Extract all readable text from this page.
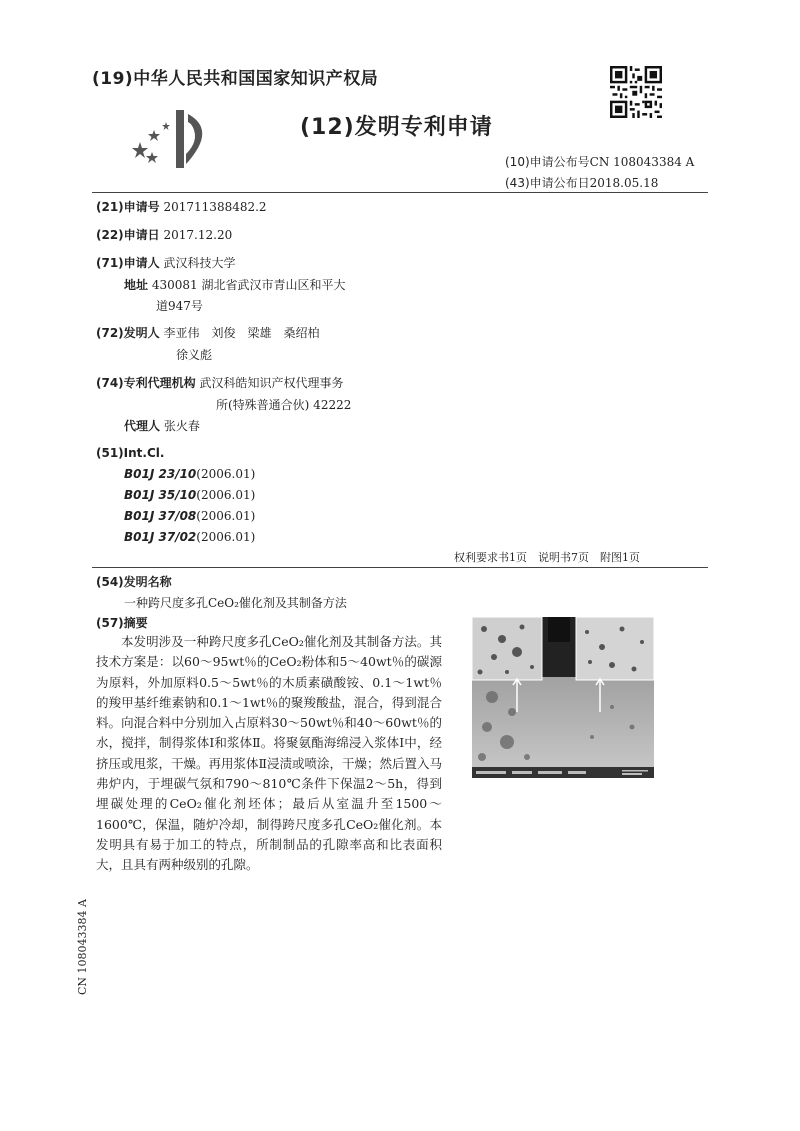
(19)中华人民共和国国家知识产权局
(12)发明专利申请
(10)申请公布号CN 108043384 A
(43)申请公布日2018.05.18
(21)申请号 201711388482.2
(22)申请日 2017.12.20
(71)申请人 武汉科技大学
地址 430081 湖北省武汉市青山区和平大
道947号
(72)发明人 李亚伟　刘俊　梁雄　桑绍柏
徐义彪
(74)专利代理机构 武汉科皓知识产权代理事务
所(特殊普通合伙) 42222
代理人 张火春
(51)Int.Cl.
B01J 23/10(2006.01)
B01J 35/10(2006.01)
B01J 37/08(2006.01)
B01J 37/02(2006.01)
权利要求书1页　说明书7页　附图1页
(54)发明名称
一种跨尺度多孔CeO₂催化剂及其制备方法
(57)摘要
本发明涉及一种跨尺度多孔CeO₂催化剂及其制备方法。其技术方案是：以60～95wt％的CeO₂粉体和5～40wt％的碳源为原料，外加原料0.5～5wt％的木质素磺酸铵、0.1～1wt％的羧甲基纤维素钠和0.1～1wt％的聚羧酸盐，混合，得到混合料。向混合料中分别加入占原料30～50wt％和40～60wt％的水，搅拌，制得浆体Ⅰ和浆体Ⅱ。将聚氨酯海绵浸入浆体Ⅰ中，经挤压或甩浆，干燥。再用浆体Ⅱ浸渍或喷涂，干燥；然后置入马弗炉内，于埋碳气氛和790～810℃条件下保温2～5h，得到埋碳处理的CeO₂催化剂坯体；最后从室温升至1500～1600℃，保温，随炉冷却，制得跨尺度多孔CeO₂催化剂。本发明具有易于加工的特点，所制制品的孔隙率高和比表面积大，且具有两种级别的孔隙。
CN 108043384 A
